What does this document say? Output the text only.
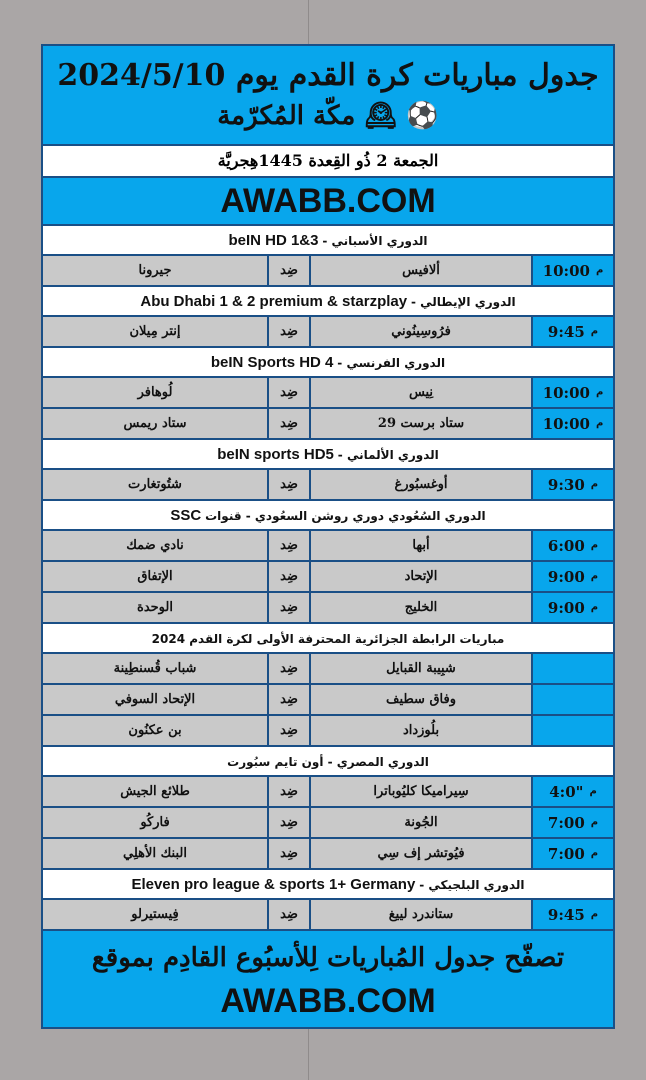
جدول مباريات كرة القدم يوم 2024/5/10
⚽ 🕰 مكّة المُكرّمة
الجمعة 2 ذُو القِعدة 1445هِجريَّة
AWABB.COM
الدوري الأسباني - beIN HD 1&3
م
10:00
ألافيس
ضِد
جيرونا
الدوري الإيطالي - Abu Dhabi 1 & 2 premium & starzplay
م
9:45
فرُوسِينُوني
ضِد
إنتر مِيلان
الدوري الفرنسي - beIN Sports HD 4
م
10:00
نِيس
ضِد
لُوهافر
م
10:00
ستاد برست 29
ضِد
ستاد ريمس
الدوري الألماني - beIN sports HD5
م
9:30
أوغسبُورغ
ضِد
شتُوتغارت
الدوري السُعُودي دوري روشن السعُودي - قنوات SSC
م
6:00
أبها
ضِد
نادي ضمك
م
9:00
الإتحاد
ضِد
الإتفاق
م
9:00
الخليج
ضِد
الوحدة
مباريات الرابطة الجزائرية المحترفة الأولى لكرة القدم 2024
شبِيبة القبايل
ضِد
شباب قُسنطِينة
وفاق سطيف
ضِد
الإتحاد السوفي
بلُوزداد
ضِد
بن عكنُون
الدوري المصري - أون تايم سبُورت
م
4:0"
سِيراميكا كليُوباترا
ضِد
طلائع الجيش
م
7:00
الجُونة
ضِد
فاركُو
م
7:00
فيُوتشر إف سِي
ضِد
البنك الأهلِي
الدوري البلجيكي - Eleven pro league & sports 1+ Germany
م
9:45
ستاندرد لييغ
ضِد
فِيستيرلو
تصفّح جدول المُباريات لِلأسبُوع القادِم بموقع
AWABB.COM
